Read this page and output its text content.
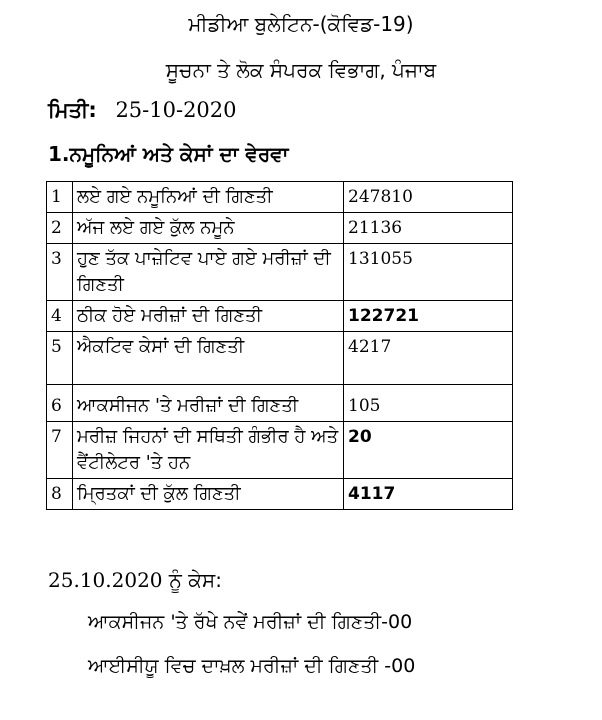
ਮੀਡੀਆ ਬੁਲੇਟਿਨ-(ਕੋਵਿਡ-19)
ਸੂਚਨਾ ਤੇ ਲੋਕ ਸੰਪਰਕ ਵਿਭਾਗ, ਪੰਜਾਬ
ਮਿਤੀ: 25-10-2020
1.ਨਮੂਨਿਆਂ ਅਤੇ ਕੇਸਾਂ ਦਾ ਵੇਰਵਾ
1	ਲਏ ਗਏ ਨਮੂਨਿਆਂ ਦੀ ਗਿਣਤੀ	247810
2	ਅੱਜ ਲਏ ਗਏ ਕੁੱਲ ਨਮੂਨੇ	21136
3	ਹੁਣ ਤੱਕ ਪਾਜ਼ੇਟਿਵ ਪਾਏ ਗਏ ਮਰੀਜ਼ਾਂ ਦੀ ਗਿਣਤੀ	131055
4	ਠੀਕ ਹੋਏ ਮਰੀਜ਼ਾਂ ਦੀ ਗਿਣਤੀ	122721
5	ਐਕਟਿਵ ਕੇਸਾਂ ਦੀ ਗਿਣਤੀ	4217
6	ਆਕਸੀਜਨ 'ਤੇ ਮਰੀਜ਼ਾਂ ਦੀ ਗਿਣਤੀ	105
7	ਮਰੀਜ਼ ਜਿਹਨਾਂ ਦੀ ਸਥਿਤੀ ਗੰਭੀਰ ਹੈ ਅਤੇ ਵੈਂਟੀਲੇਟਰ 'ਤੇ ਹਨ	20
8	ਮ੍ਰਿਤਕਾਂ ਦੀ ਕੁੱਲ ਗਿਣਤੀ	4117
25.10.2020 ਨੂੰ ਕੇਸ:
ਆਕਸੀਜਨ 'ਤੇ ਰੱਖੇ ਨਵੇਂ ਮਰੀਜ਼ਾਂ ਦੀ ਗਿਣਤੀ-00
ਆਈਸੀਯੂ ਵਿਚ ਦਾਖ਼ਲ ਮਰੀਜ਼ਾਂ ਦੀ ਗਿਣਤੀ -00
